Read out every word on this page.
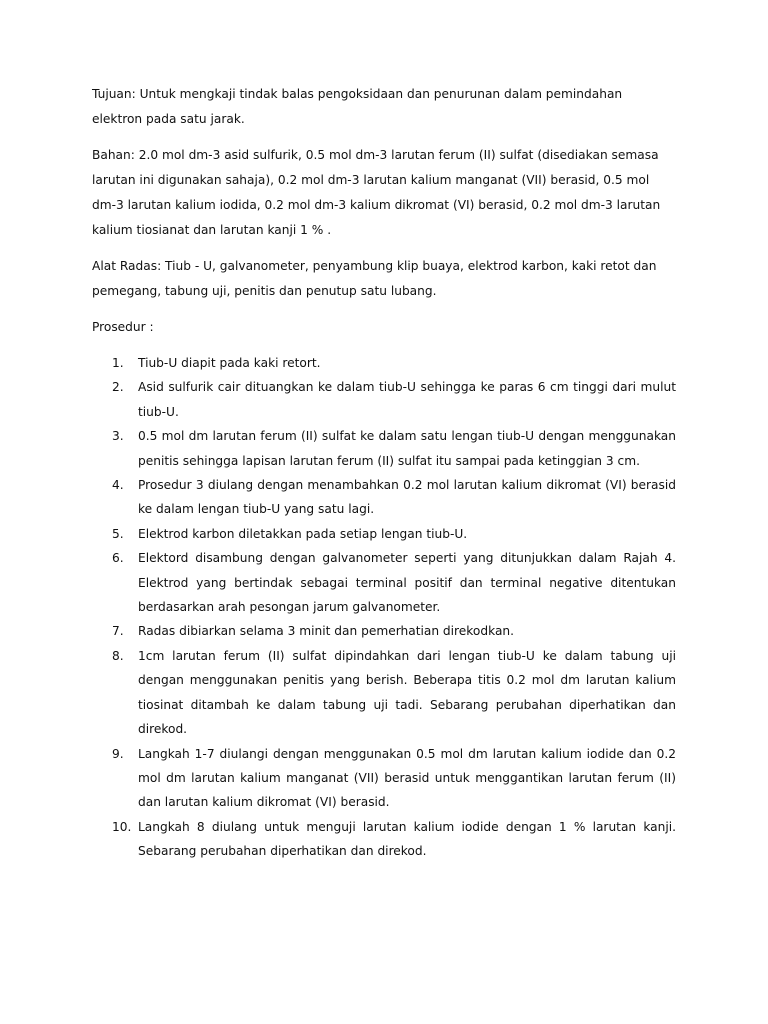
Tujuan: Untuk mengkaji tindak balas pengoksidaan dan penurunan dalam pemindahan elektron pada satu jarak.

Bahan: 2.0 mol dm-3 asid sulfurik, 0.5 mol dm-3 larutan ferum (II) sulfat (disediakan semasa larutan ini digunakan sahaja), 0.2 mol dm-3 larutan kalium manganat (VII) berasid, 0.5 mol dm-3 larutan kalium iodida, 0.2 mol dm-3 kalium dikromat (VI) berasid, 0.2 mol dm-3 larutan kalium tiosianat dan larutan kanji 1 % .

Alat Radas: Tiub - U, galvanometer, penyambung klip buaya, elektrod karbon, kaki retot dan pemegang, tabung uji, penitis dan penutup satu lubang.

Prosedur :

1. Tiub-U diapit pada kaki retort.
2. Asid sulfurik cair dituangkan ke dalam tiub-U sehingga ke paras 6 cm tinggi dari mulut tiub-U.
3. 0.5 mol dm larutan ferum (II) sulfat ke dalam satu lengan tiub-U dengan menggunakan penitis sehingga lapisan larutan ferum (II) sulfat itu sampai pada ketinggian 3 cm.
4. Prosedur 3 diulang dengan menambahkan 0.2 mol larutan kalium dikromat (VI) berasid ke dalam lengan tiub-U yang satu lagi.
5. Elektrod karbon diletakkan pada setiap lengan tiub-U.
6. Elektord disambung dengan galvanometer seperti yang ditunjukkan dalam Rajah 4. Elektrod yang bertindak sebagai terminal positif dan terminal negative ditentukan berdasarkan arah pesongan jarum galvanometer.
7. Radas dibiarkan selama 3 minit dan pemerhatian direkodkan.
8. 1cm larutan ferum (II) sulfat dipindahkan dari lengan tiub-U ke dalam tabung uji dengan menggunakan penitis yang berish. Beberapa titis 0.2 mol dm larutan kalium tiosinat ditambah ke dalam tabung uji tadi. Sebarang perubahan diperhatikan dan direkod.
9. Langkah 1-7 diulangi dengan menggunakan 0.5 mol dm larutan kalium iodide dan 0.2 mol dm larutan kalium manganat (VII) berasid untuk menggantikan larutan ferum (II) dan larutan kalium dikromat (VI) berasid.
10. Langkah 8 diulang untuk menguji larutan kalium iodide dengan 1 % larutan kanji. Sebarang perubahan diperhatikan dan direkod.
